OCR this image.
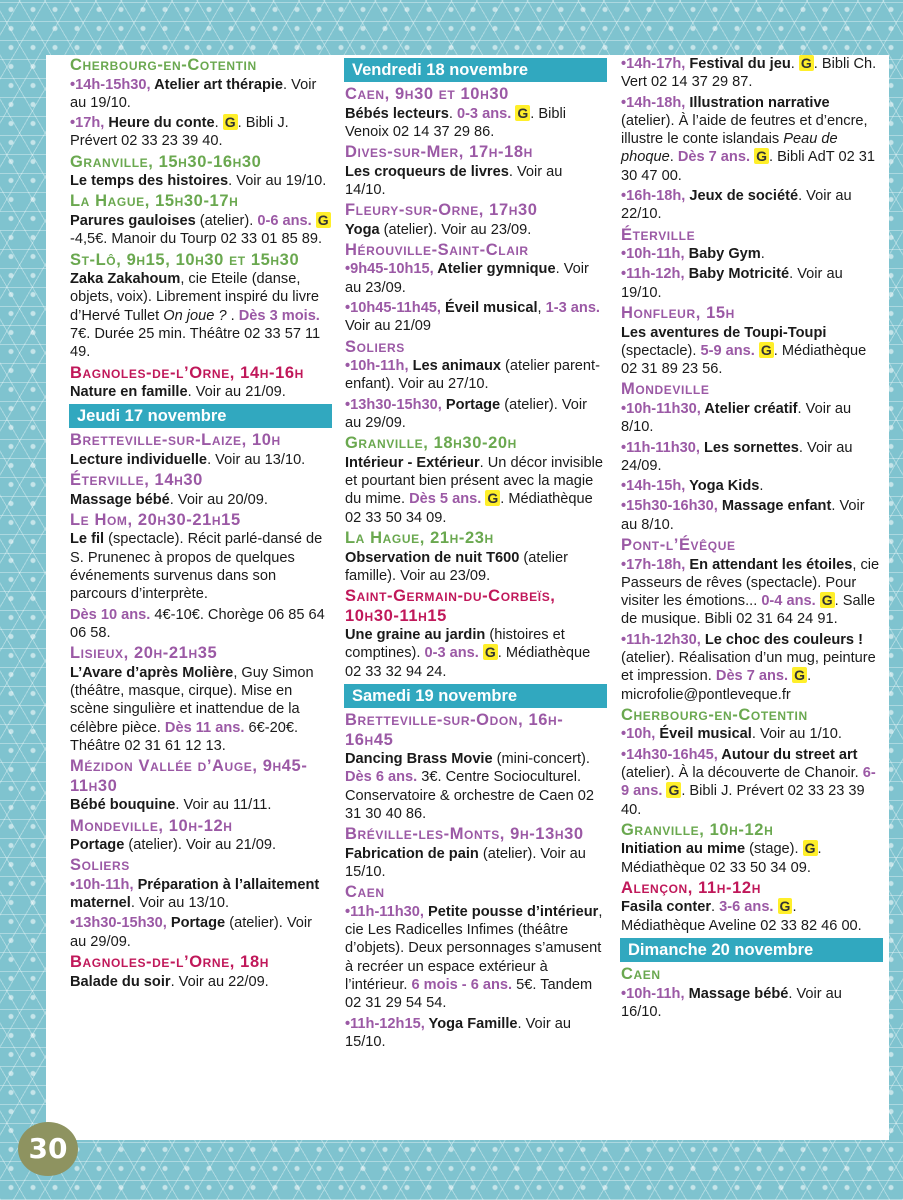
Cherbourg-en-Cotentin
•14h-15h30, Atelier art thérapie. Voir au 19/10.
•17h, Heure du conte. G . Bibli J. Prévert 02 33 23 39 40.
Granville, 15h30-16h30
Le temps des histoires. Voir au 19/10.
La Hague, 15h30-17h
Parures gauloises (atelier). 0-6 ans. G-4,5€. Manoir du Tourp 02 33 01 85 89.
St-Lô, 9h15, 10h30 et 15h30
Zaka Zakahoum, cie Eteile (danse, objets, voix). Librement inspiré du livre d’Hervé Tullet On joue ? . Dès 3 mois. 7€. Durée 25 min. Théâtre 02 33 57 11 49.
Bagnoles-de-l’Orne, 14h-16h
Nature en famille. Voir au 21/09.
Jeudi 17 novembre
Bretteville-sur-Laize, 10h
Lecture individuelle. Voir au 13/10.
Éterville, 14h30
Massage bébé. Voir au 20/09.
Le Hom, 20h30-21h15
Le fil (spectacle). Récit parlé-dansé de S. Prunenec à propos de quelques événements survenus dans son parcours d’interprète.
Dès 10 ans. 4€-10€. Chorège 06 85 64 06 58.
Lisieux, 20h-21h35
L’Avare d’après Molière, Guy Simon (théâtre, masque, cirque). Mise en scène singulière et inattendue de la célèbre pièce. Dès 11 ans. 6€-20€. Théâtre 02 31 61 12 13.
Mézidon Vallée d’Auge, 9h45-11h30
Bébé bouquine. Voir au 11/11.
Mondeville, 10h-12h
Portage (atelier). Voir au 21/09.
Soliers
•10h-11h, Préparation à l’allaitement maternel. Voir au 13/10.
•13h30-15h30, Portage (atelier). Voir au 29/09.
Bagnoles-de-l’Orne, 18h
Balade du soir. Voir au 22/09.
Vendredi 18 novembre
Caen, 9h30 et 10h30
Bébés lecteurs. 0-3 ans. G . Bibli Venoix 02 14 37 29 86.
Dives-sur-Mer, 17h-18h
Les croqueurs de livres. Voir au 14/10.
Fleury-sur-Orne, 17h30
Yoga (atelier). Voir au 23/09.
Hérouville-Saint-Clair
•9h45-10h15, Atelier gymnique. Voir au 23/09.
•10h45-11h45, Éveil musical, 1-3 ans. Voir au 21/09
Soliers
•10h-11h, Les animaux (atelier parent-enfant). Voir au 27/10.
•13h30-15h30, Portage (atelier). Voir au 29/09.
Granville, 18h30-20h
Intérieur - Extérieur. Un décor invisible et pourtant bien présent avec la magie du mime. Dès 5 ans. G . Médiathèque 02 33 50 34 09.
La Hague, 21h-23h
Observation de nuit T600 (atelier famille). Voir au 23/09.
Saint-Germain-du-Corbeïs, 10h30-11h15
Une graine au jardin (histoires et comptines). 0-3 ans. G . Médiathèque 02 33 32 94 24.
Samedi 19 novembre
Bretteville-sur-Odon, 16h-16h45
Dancing Brass Movie (mini-concert). Dès 6 ans. 3€. Centre Socioculturel. Conservatoire & orchestre de Caen 02 31 30 40 86.
Bréville-les-Monts, 9h-13h30
Fabrication de pain (atelier). Voir au 15/10.
Caen
•11h-11h30, Petite pousse d’intérieur, cie Les Radicelles Infimes (théâtre d’objets). Deux personnages s’amusent à recréer un espace extérieur à l’intérieur. 6 mois - 6 ans. 5€. Tandem 02 31 29 54 54.
•11h-12h15, Yoga Famille. Voir au 15/10.
•14h-17h, Festival du jeu. G . Bibli Ch. Vert 02 14 37 29 87.
•14h-18h, Illustration narrative (atelier). À l’aide de feutres et d’encre, illustre le conte islandais Peau de phoque. Dès 7 ans. G . Bibli AdT 02 31 30 47 00.
•16h-18h, Jeux de société. Voir au 22/10.
Éterville
•10h-11h, Baby Gym.
•11h-12h, Baby Motricité. Voir au 19/10.
Honfleur, 15h
Les aventures de Toupi-Toupi (spectacle). 5-9 ans. G . Médiathèque 02 31 89 23 56.
Mondeville
•10h-11h30, Atelier créatif. Voir au 8/10.
•11h-11h30, Les sornettes. Voir au 24/09.
•14h-15h, Yoga Kids.
•15h30-16h30, Massage enfant. Voir au 8/10.
Pont-l’Évêque
•17h-18h, En attendant les étoiles, cie Passeurs de rêves (spectacle). Pour visiter les émotions... 0-4 ans. G . Salle de musique. Bibli 02 31 64 24 91.
•11h-12h30, Le choc des couleurs ! (atelier). Réalisation d’un mug, peinture et impression. Dès 7 ans. G . microfolie@pontleveque.fr
Cherbourg-en-Cotentin
•10h, Éveil musical. Voir au 1/10.
•14h30-16h45, Autour du street art (atelier). À la découverte de Chanoir. 6-9 ans. G . Bibli J. Prévert 02 33 23 39 40.
Granville, 10h-12h
Initiation au mime (stage). G . Médiathèque 02 33 50 34 09.
Alençon, 11h-12h
Fasila conter. 3-6 ans. G . Médiathèque Aveline 02 33 82 46 00.
Dimanche 20 novembre
Caen
•10h-11h, Massage bébé. Voir au 16/10.
30
